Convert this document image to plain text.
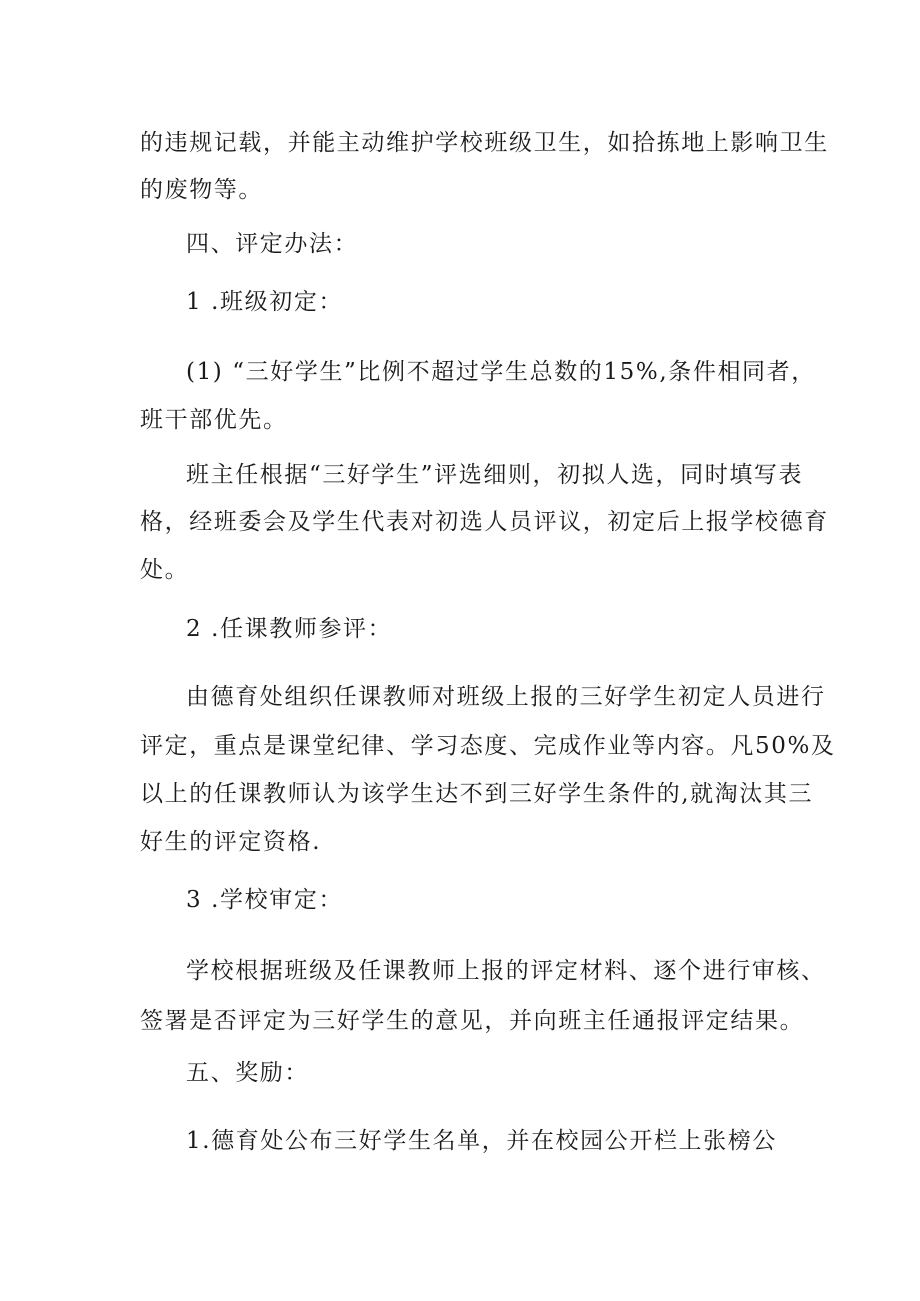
的违规记载，并能主动维护学校班级卫生，如拾拣地上影响卫生
的废物等。
四、评定办法：
1 .班级初定：
(1) “三好学生”比例不超过学生总数的15%,条件相同者，
班干部优先。
班主任根据“三好学生”评选细则，初拟人选，同时填写表
格，经班委会及学生代表对初选人员评议，初定后上报学校德育
处。
2 .任课教师参评：
由德育处组织任课教师对班级上报的三好学生初定人员进行
评定，重点是课堂纪律、学习态度、完成作业等内容。凡50%及
以上的任课教师认为该学生达不到三好学生条件的,就淘汰其三
好生的评定资格.
3 .学校审定：
学校根据班级及任课教师上报的评定材料、逐个进行审核、
签署是否评定为三好学生的意见，并向班主任通报评定结果。
五、奖励：
1.德育处公布三好学生名单，并在校园公开栏上张榜公
